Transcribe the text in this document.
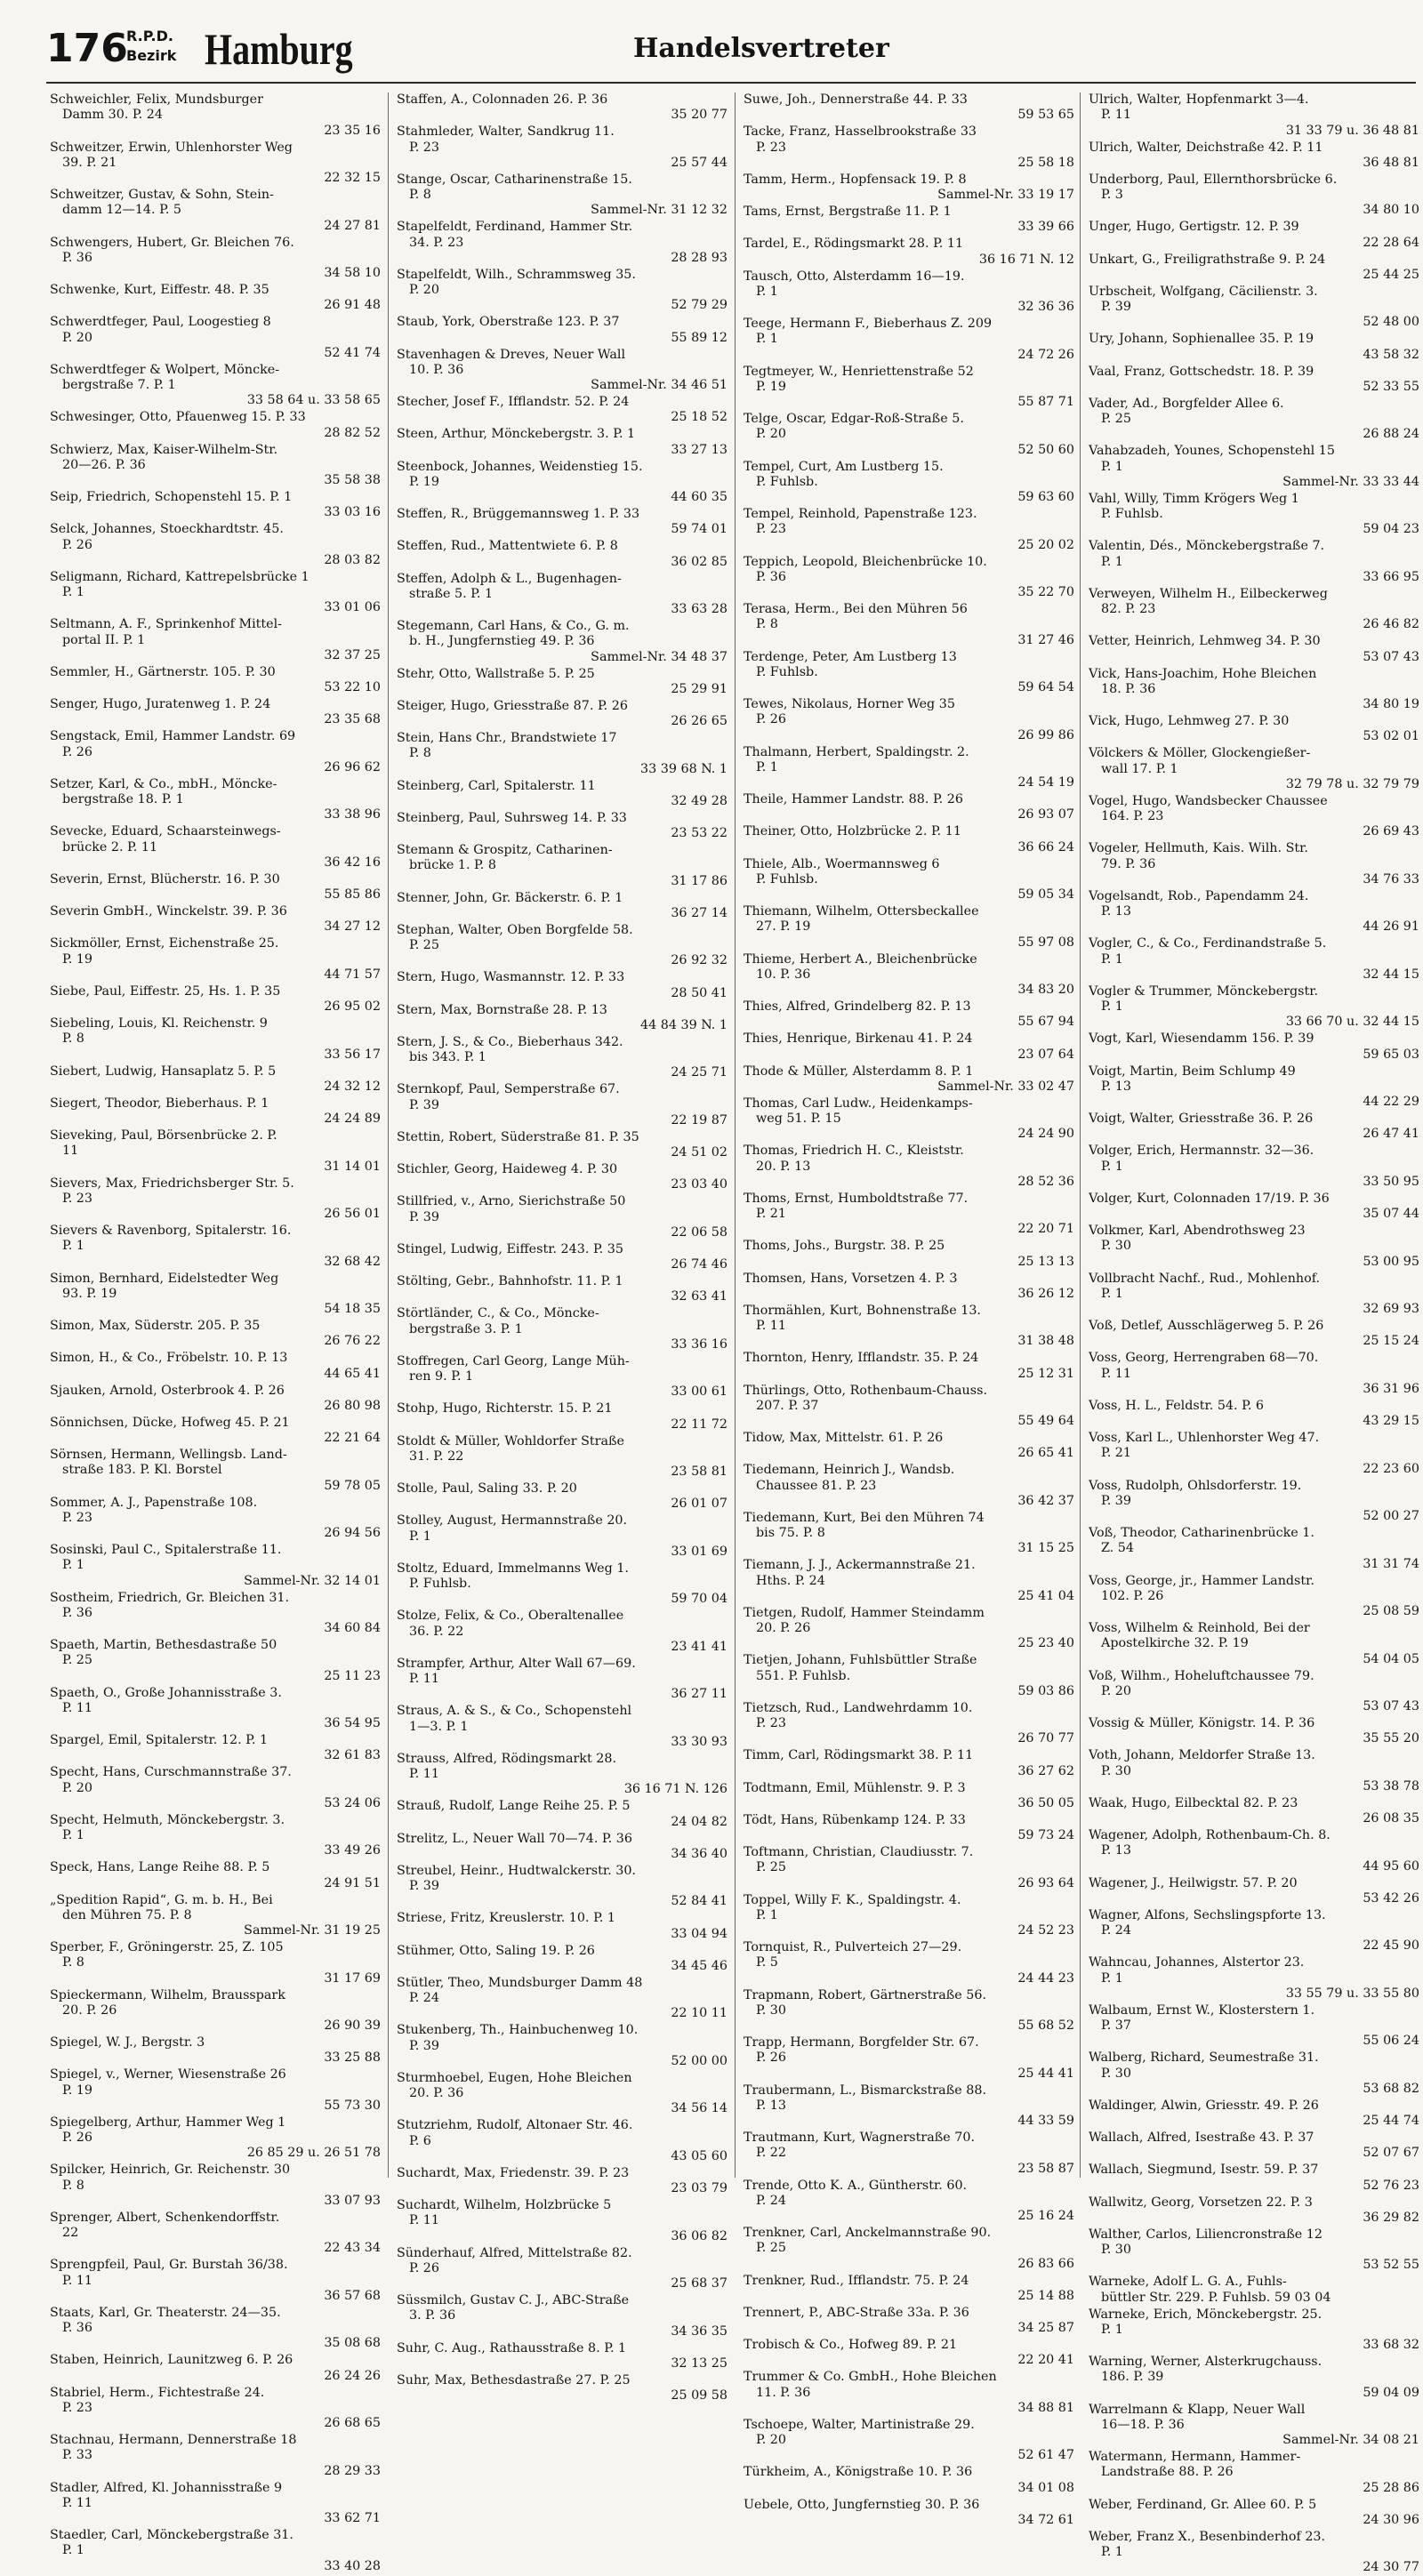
176
R.P.D.
Bezirk Hamburg	Handelsvertreter
Schweichler, Felix, Mundsburger
Damm 30. P. 24
23 35 16
Schweitzer, Erwin, Uhlenhorster Weg
39. P. 21
22 32 15
Schweitzer, Gustav, & Sohn, Stein-
damm 12—14. P. 5
24 27 81
Schwengers, Hubert, Gr. Bleichen 76.
P. 36
34 58 10
Schwenke, Kurt, Eiffestr. 48. P. 35
26 91 48
Schwerdtfeger, Paul, Loogestieg 8
P. 20
52 41 74
Schwerdtfeger & Wolpert, Möncke-
bergstraße 7. P. 1
33 58 64 u. 33 58 65
Schwesinger, Otto, Pfauenweg 15. P. 33
28 82 52
Schwierz, Max, Kaiser-Wilhelm-Str.
20—26. P. 36
35 58 38
Seip, Friedrich, Schopenstehl 15. P. 1
33 03 16
Selck, Johannes, Stoeckhardtstr. 45.
P. 26
28 03 82
Seligmann, Richard, Kattrepelsbrücke 1
P. 1
33 01 06
Seltmann, A. F., Sprinkenhof Mittel-
portal II. P. 1
32 37 25
Semmler, H., Gärtnerstr. 105. P. 30
53 22 10
Senger, Hugo, Juratenweg 1. P. 24
23 35 68
Sengstack, Emil, Hammer Landstr. 69
P. 26
26 96 62
Setzer, Karl, & Co., mbH., Möncke-
bergstraße 18. P. 1
33 38 96
Sevecke, Eduard, Schaarsteinwegs-
brücke 2. P. 11
36 42 16
Severin, Ernst, Blücherstr. 16. P. 30
55 85 86
Severin GmbH., Winckelstr. 39. P. 36
34 27 12
Sickmöller, Ernst, Eichenstraße 25.
P. 19
44 71 57
Siebe, Paul, Eiffestr. 25, Hs. 1. P. 35
26 95 02
Siebeling, Louis, Kl. Reichenstr. 9
P. 8
33 56 17
Siebert, Ludwig, Hansaplatz 5. P. 5
24 32 12
Siegert, Theodor, Bieberhaus. P. 1
24 24 89
Sieveking, Paul, Börsenbrücke 2. P.
11
31 14 01
Sievers, Max, Friedrichsberger Str. 5.
P. 23
26 56 01
Sievers & Ravenborg, Spitalerstr. 16.
P. 1
32 68 42
Simon, Bernhard, Eidelstedter Weg
93. P. 19
54 18 35
Simon, Max, Süderstr. 205. P. 35
26 76 22
Simon, H., & Co., Fröbelstr. 10. P. 13
44 65 41
Sjauken, Arnold, Osterbrook 4. P. 26
26 80 98
Sönnichsen, Dücke, Hofweg 45. P. 21
22 21 64
Sörnsen, Hermann, Wellingsb. Land-
straße 183. P. Kl. Borstel
59 78 05
Sommer, A. J., Papenstraße 108.
P. 23
26 94 56
Sosinski, Paul C., Spitalerstraße 11.
P. 1
Sammel-Nr. 32 14 01
Sostheim, Friedrich, Gr. Bleichen 31.
P. 36
34 60 84
Spaeth, Martin, Bethesdastraße 50
P. 25
25 11 23
Spaeth, O., Große Johannisstraße 3.
P. 11
36 54 95
Spargel, Emil, Spitalerstr. 12. P. 1
32 61 83
Specht, Hans, Curschmannstraße 37.
P. 20
53 24 06
Specht, Helmuth, Mönckebergstr. 3.
P. 1
33 49 26
Speck, Hans, Lange Reihe 88. P. 5
24 91 51
„Spedition Rapid“, G. m. b. H., Bei
den Mühren 75. P. 8
Sammel-Nr. 31 19 25
Sperber, F., Gröningerstr. 25, Z. 105
P. 8
31 17 69
Spieckermann, Wilhelm, Brausspark
20. P. 26
26 90 39
Spiegel, W. J., Bergstr. 3
33 25 88
Spiegel, v., Werner, Wiesenstraße 26
P. 19
55 73 30
Spiegelberg, Arthur, Hammer Weg 1
P. 26
26 85 29 u. 26 51 78
Spilcker, Heinrich, Gr. Reichenstr. 30
P. 8
33 07 93
Sprenger, Albert, Schenkendorffstr.
22
22 43 34
Sprengpfeil, Paul, Gr. Burstah 36/38.
P. 11
36 57 68
Staats, Karl, Gr. Theaterstr. 24—35.
P. 36
35 08 68
Staben, Heinrich, Launitzweg 6. P. 26
26 24 26
Stabriel, Herm., Fichtestraße 24.
P. 23
26 68 65
Stachnau, Hermann, Dennerstraße 18
P. 33
28 29 33
Stadler, Alfred, Kl. Johannisstraße 9
P. 11
33 62 71
Staedler, Carl, Mönckebergstraße 31.
P. 1
33 40 28
Staffen, A., Colonnaden 26. P. 36
35 20 77
Stahmleder, Walter, Sandkrug 11.
P. 23
25 57 44
Stange, Oscar, Catharinenstraße 15.
P. 8
Sammel-Nr. 31 12 32
Stapelfeldt, Ferdinand, Hammer Str.
34. P. 23
28 28 93
Stapelfeldt, Wilh., Schrammsweg 35.
P. 20
52 79 29
Staub, York, Oberstraße 123. P. 37
55 89 12
Stavenhagen & Dreves, Neuer Wall
10. P. 36
Sammel-Nr. 34 46 51
Stecher, Josef F., Ifflandstr. 52. P. 24
25 18 52
Steen, Arthur, Mönckebergstr. 3. P. 1
33 27 13
Steenbock, Johannes, Weidenstieg 15.
P. 19
44 60 35
Steffen, R., Brüggemannsweg 1. P. 33
59 74 01
Steffen, Rud., Mattentwiete 6. P. 8
36 02 85
Steffen, Adolph & L., Bugenhagen-
straße 5. P. 1
33 63 28
Stegemann, Carl Hans, & Co., G. m.
b. H., Jungfernstieg 49. P. 36
Sammel-Nr. 34 48 37
Stehr, Otto, Wallstraße 5. P. 25
25 29 91
Steiger, Hugo, Griesstraße 87. P. 26
26 26 65
Stein, Hans Chr., Brandstwiete 17
P. 8
33 39 68 N. 1
Steinberg, Carl, Spitalerstr. 11
32 49 28
Steinberg, Paul, Suhrsweg 14. P. 33
23 53 22
Stemann & Grospitz, Catharinen-
brücke 1. P. 8
31 17 86
Stenner, John, Gr. Bäckerstr. 6. P. 1
36 27 14
Stephan, Walter, Oben Borgfelde 58.
P. 25
26 92 32
Stern, Hugo, Wasmannstr. 12. P. 33
28 50 41
Stern, Max, Bornstraße 28. P. 13
44 84 39 N. 1
Stern, J. S., & Co., Bieberhaus 342.
bis 343. P. 1
24 25 71
Sternkopf, Paul, Semperstraße 67.
P. 39
22 19 87
Stettin, Robert, Süderstraße 81. P. 35
24 51 02
Stichler, Georg, Haideweg 4. P. 30
23 03 40
Stillfried, v., Arno, Sierichstraße 50
P. 39
22 06 58
Stingel, Ludwig, Eiffestr. 243. P. 35
26 74 46
Stölting, Gebr., Bahnhofstr. 11. P. 1
32 63 41
Störtländer, C., & Co., Möncke-
bergstraße 3. P. 1
33 36 16
Stoffregen, Carl Georg, Lange Müh-
ren 9. P. 1
33 00 61
Stohp, Hugo, Richterstr. 15. P. 21
22 11 72
Stoldt & Müller, Wohldorfer Straße
31. P. 22
23 58 81
Stolle, Paul, Saling 33. P. 20
26 01 07
Stolley, August, Hermannstraße 20.
P. 1
33 01 69
Stoltz, Eduard, Immelmanns Weg 1.
P. Fuhlsb.
59 70 04
Stolze, Felix, & Co., Oberaltenallee
36. P. 22
23 41 41
Strampfer, Arthur, Alter Wall 67—69.
P. 11
36 27 11
Straus, A. & S., & Co., Schopenstehl
1—3. P. 1
33 30 93
Strauss, Alfred, Rödingsmarkt 28.
P. 11
36 16 71 N. 126
Strauß, Rudolf, Lange Reihe 25. P. 5
24 04 82
Strelitz, L., Neuer Wall 70—74. P. 36
34 36 40
Streubel, Heinr., Hudtwalckerstr. 30.
P. 39
52 84 41
Striese, Fritz, Kreuslerstr. 10. P. 1
33 04 94
Stühmer, Otto, Saling 19. P. 26
34 45 46
Stütler, Theo, Mundsburger Damm 48
P. 24
22 10 11
Stukenberg, Th., Hainbuchenweg 10.
P. 39
52 00 00
Sturmhoebel, Eugen, Hohe Bleichen
20. P. 36
34 56 14
Stutzriehm, Rudolf, Altonaer Str. 46.
P. 6
43 05 60
Suchardt, Max, Friedenstr. 39. P. 23
23 03 79
Suchardt, Wilhelm, Holzbrücke 5
P. 11
36 06 82
Sünderhauf, Alfred, Mittelstraße 82.
P. 26
25 68 37
Süssmilch, Gustav C. J., ABC-Straße
3. P. 36
34 36 35
Suhr, C. Aug., Rathausstraße 8. P. 1
32 13 25
Suhr, Max, Bethesdastraße 27. P. 25
25 09 58
Suwe, Joh., Dennerstraße 44. P. 33
59 53 65
Tacke, Franz, Hasselbrookstraße 33
P. 23
25 58 18
Tamm, Herm., Hopfensack 19. P. 8
Sammel-Nr. 33 19 17
Tams, Ernst, Bergstraße 11. P. 1
33 39 66
Tardel, E., Rödingsmarkt 28. P. 11
36 16 71 N. 12
Tausch, Otto, Alsterdamm 16—19.
P. 1
32 36 36
Teege, Hermann F., Bieberhaus Z. 209
P. 1
24 72 26
Tegtmeyer, W., Henriettenstraße 52
P. 19
55 87 71
Telge, Oscar, Edgar-Roß-Straße 5.
P. 20
52 50 60
Tempel, Curt, Am Lustberg 15.
P. Fuhlsb.
59 63 60
Tempel, Reinhold, Papenstraße 123.
P. 23
25 20 02
Teppich, Leopold, Bleichenbrücke 10.
P. 36
35 22 70
Terasa, Herm., Bei den Mühren 56
P. 8
31 27 46
Terdenge, Peter, Am Lustberg 13
P. Fuhlsb.
59 64 54
Tewes, Nikolaus, Horner Weg 35
P. 26
26 99 86
Thalmann, Herbert, Spaldingstr. 2.
P. 1
24 54 19
Theile, Hammer Landstr. 88. P. 26
26 93 07
Theiner, Otto, Holzbrücke 2. P. 11
36 66 24
Thiele, Alb., Woermannsweg 6
P. Fuhlsb.
59 05 34
Thiemann, Wilhelm, Ottersbeckallee
27. P. 19
55 97 08
Thieme, Herbert A., Bleichenbrücke
10. P. 36
34 83 20
Thies, Alfred, Grindelberg 82. P. 13
55 67 94
Thies, Henrique, Birkenau 41. P. 24
23 07 64
Thode & Müller, Alsterdamm 8. P. 1
Sammel-Nr. 33 02 47
Thomas, Carl Ludw., Heidenkamps-
weg 51. P. 15
24 24 90
Thomas, Friedrich H. C., Kleiststr.
20. P. 13
28 52 36
Thoms, Ernst, Humboldtstraße 77.
P. 21
22 20 71
Thoms, Johs., Burgstr. 38. P. 25
25 13 13
Thomsen, Hans, Vorsetzen 4. P. 3
36 26 12
Thormählen, Kurt, Bohnenstraße 13.
P. 11
31 38 48
Thornton, Henry, Ifflandstr. 35. P. 24
25 12 31
Thürlings, Otto, Rothenbaum-Chauss.
207. P. 37
55 49 64
Tidow, Max, Mittelstr. 61. P. 26
26 65 41
Tiedemann, Heinrich J., Wandsb.
Chaussee 81. P. 23
36 42 37
Tiedemann, Kurt, Bei den Mühren 74
bis 75. P. 8
31 15 25
Tiemann, J. J., Ackermannstraße 21.
Hths. P. 24
25 41 04
Tietgen, Rudolf, Hammer Steindamm
20. P. 26
25 23 40
Tietjen, Johann, Fuhlsbüttler Straße
551. P. Fuhlsb.
59 03 86
Tietzsch, Rud., Landwehrdamm 10.
P. 23
26 70 77
Timm, Carl, Rödingsmarkt 38. P. 11
36 27 62
Todtmann, Emil, Mühlenstr. 9. P. 3
36 50 05
Tödt, Hans, Rübenkamp 124. P. 33
59 73 24
Toftmann, Christian, Claudiusstr. 7.
P. 25
26 93 64
Toppel, Willy F. K., Spaldingstr. 4.
P. 1
24 52 23
Tornquist, R., Pulverteich 27—29.
P. 5
24 44 23
Trapmann, Robert, Gärtnerstraße 56.
P. 30
55 68 52
Trapp, Hermann, Borgfelder Str. 67.
P. 26
25 44 41
Traubermann, L., Bismarckstraße 88.
P. 13
44 33 59
Trautmann, Kurt, Wagnerstraße 70.
P. 22
23 58 87
Trende, Otto K. A., Güntherstr. 60.
P. 24
25 16 24
Trenkner, Carl, Anckelmannstraße 90.
P. 25
26 83 66
Trenkner, Rud., Ifflandstr. 75. P. 24
25 14 88
Trennert, P., ABC-Straße 33a. P. 36
34 25 87
Trobisch & Co., Hofweg 89. P. 21
22 20 41
Trummer & Co. GmbH., Hohe Bleichen
11. P. 36
34 88 81
Tschoepe, Walter, Martinistraße 29.
P. 20
52 61 47
Türkheim, A., Königstraße 10. P. 36
34 01 08
Uebele, Otto, Jungfernstieg 30. P. 36
34 72 61
Ulrich, Walter, Hopfenmarkt 3—4.
P. 11
31 33 79 u. 36 48 81
Ulrich, Walter, Deichstraße 42. P. 11
36 48 81
Underborg, Paul, Ellernthorsbrücke 6.
P. 3
34 80 10
Unger, Hugo, Gertigstr. 12. P. 39
22 28 64
Unkart, G., Freiligrathstraße 9. P. 24
25 44 25
Urbscheit, Wolfgang, Cäcilienstr. 3.
P. 39
52 48 00
Ury, Johann, Sophienallee 35. P. 19
43 58 32
Vaal, Franz, Gottschedstr. 18. P. 39
52 33 55
Vader, Ad., Borgfelder Allee 6.
P. 25
26 88 24
Vahabzadeh, Younes, Schopenstehl 15
P. 1
Sammel-Nr. 33 33 44
Vahl, Willy, Timm Krögers Weg 1
P. Fuhlsb.
59 04 23
Valentin, Dés., Mönckebergstraße 7.
P. 1
33 66 95
Verweyen, Wilhelm H., Eilbeckerweg
82. P. 23
26 46 82
Vetter, Heinrich, Lehmweg 34. P. 30
53 07 43
Vick, Hans-Joachim, Hohe Bleichen
18. P. 36
34 80 19
Vick, Hugo, Lehmweg 27. P. 30
53 02 01
Völckers & Möller, Glockengießer-
wall 17. P. 1
32 79 78 u. 32 79 79
Vogel, Hugo, Wandsbecker Chaussee
164. P. 23
26 69 43
Vogeler, Hellmuth, Kais. Wilh. Str.
79. P. 36
34 76 33
Vogelsandt, Rob., Papendamm 24.
P. 13
44 26 91
Vogler, C., & Co., Ferdinandstraße 5.
P. 1
32 44 15
Vogler & Trummer, Mönckebergstr.
P. 1
33 66 70 u. 32 44 15
Vogt, Karl, Wiesendamm 156. P. 39
59 65 03
Voigt, Martin, Beim Schlump 49
P. 13
44 22 29
Voigt, Walter, Griesstraße 36. P. 26
26 47 41
Volger, Erich, Hermannstr. 32—36.
P. 1
33 50 95
Volger, Kurt, Colonnaden 17/19. P. 36
35 07 44
Volkmer, Karl, Abendrothsweg 23
P. 30
53 00 95
Vollbracht Nachf., Rud., Mohlenhof.
P. 1
32 69 93
Voß, Detlef, Ausschlägerweg 5. P. 26
25 15 24
Voss, Georg, Herrengraben 68—70.
P. 11
36 31 96
Voss, H. L., Feldstr. 54. P. 6
43 29 15
Voss, Karl L., Uhlenhorster Weg 47.
P. 21
22 23 60
Voss, Rudolph, Ohlsdorferstr. 19.
P. 39
52 00 27
Voß, Theodor, Catharinenbrücke 1.
Z. 54
31 31 74
Voss, George, jr., Hammer Landstr.
102. P. 26
25 08 59
Voss, Wilhelm & Reinhold, Bei der
Apostelkirche 32. P. 19
54 04 05
Voß, Wilhm., Hoheluftchaussee 79.
P. 20
53 07 43
Vossig & Müller, Königstr. 14. P. 36
35 55 20
Voth, Johann, Meldorfer Straße 13.
P. 30
53 38 78
Waak, Hugo, Eilbecktal 82. P. 23
26 08 35
Wagener, Adolph, Rothenbaum-Ch. 8.
P. 13
44 95 60
Wagener, J., Heilwigstr. 57. P. 20
53 42 26
Wagner, Alfons, Sechslingspforte 13.
P. 24
22 45 90
Wahncau, Johannes, Alstertor 23.
P. 1
33 55 79 u. 33 55 80
Walbaum, Ernst W., Klosterstern 1.
P. 37
55 06 24
Walberg, Richard, Seumestraße 31.
P. 30
53 68 82
Waldinger, Alwin, Griesstr. 49. P. 26
25 44 74
Wallach, Alfred, Isestraße 43. P. 37
52 07 67
Wallach, Siegmund, Isestr. 59. P. 37
52 76 23
Wallwitz, Georg, Vorsetzen 22. P. 3
36 29 82
Walther, Carlos, Liliencronstraße 12
P. 30
53 52 55
Warneke, Adolf L. G. A., Fuhls-
büttler Str. 229. P. Fuhlsb. 59 03 04
Warneke, Erich, Mönckebergstr. 25.
P. 1
33 68 32
Warning, Werner, Alsterkrugchauss.
186. P. 39
59 04 09
Warrelmann & Klapp, Neuer Wall
16—18. P. 36
Sammel-Nr. 34 08 21
Watermann, Hermann, Hammer-
Landstraße 88. P. 26
25 28 86
Weber, Ferdinand, Gr. Allee 60. P. 5
24 30 96
Weber, Franz X., Besenbinderhof 23.
P. 1
24 30 77
